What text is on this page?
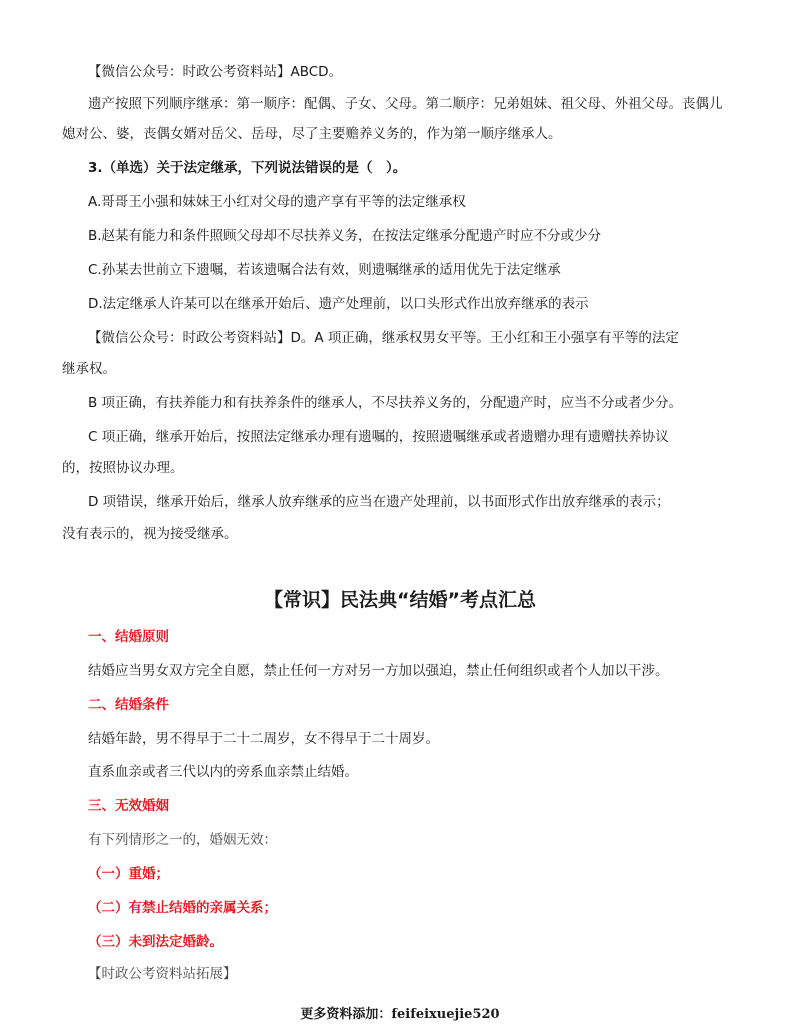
【微信公众号：时政公考资料站】ABCD。
遗产按照下列顺序继承：第一顺序：配偶、子女、父母。第二顺序：兄弟姐妹、祖父母、外祖父母。丧偶儿
媳对公、婆，丧偶女婿对岳父、岳母，尽了主要赡养义务的，作为第一顺序继承人。
3.（单选）关于法定继承，下列说法错误的是（　）。
A.哥哥王小强和妹妹王小红对父母的遗产享有平等的法定继承权
B.赵某有能力和条件照顾父母却不尽扶养义务，在按法定继承分配遗产时应不分或少分
C.孙某去世前立下遗嘱，若该遗嘱合法有效，则遗嘱继承的适用优先于法定继承
D.法定继承人许某可以在继承开始后、遗产处理前，以口头形式作出放弃继承的表示
【微信公众号：时政公考资料站】D。A 项正确，继承权男女平等。王小红和王小强享有平等的法定
继承权。
B 项正确，有扶养能力和有扶养条件的继承人，不尽扶养义务的，分配遗产时，应当不分或者少分。
C 项正确，继承开始后，按照法定继承办理有遗嘱的，按照遗嘱继承或者遗赠办理有遗赠扶养协议
的，按照协议办理。
D 项错误，继承开始后，继承人放弃继承的应当在遗产处理前，以书面形式作出放弃继承的表示；
没有表示的，视为接受继承。
【常识】民法典“结婚”考点汇总
一、结婚原则
结婚应当男女双方完全自愿，禁止任何一方对另一方加以强迫，禁止任何组织或者个人加以干涉。
二、结婚条件
结婚年龄，男不得早于二十二周岁，女不得早于二十周岁。
直系血亲或者三代以内的旁系血亲禁止结婚。
三、无效婚姻
有下列情形之一的，婚姻无效：
（一）重婚；
（二）有禁止结婚的亲属关系；
（三）未到法定婚龄。
【时政公考资料站拓展】
更多资料添加：feifeixuejie520
